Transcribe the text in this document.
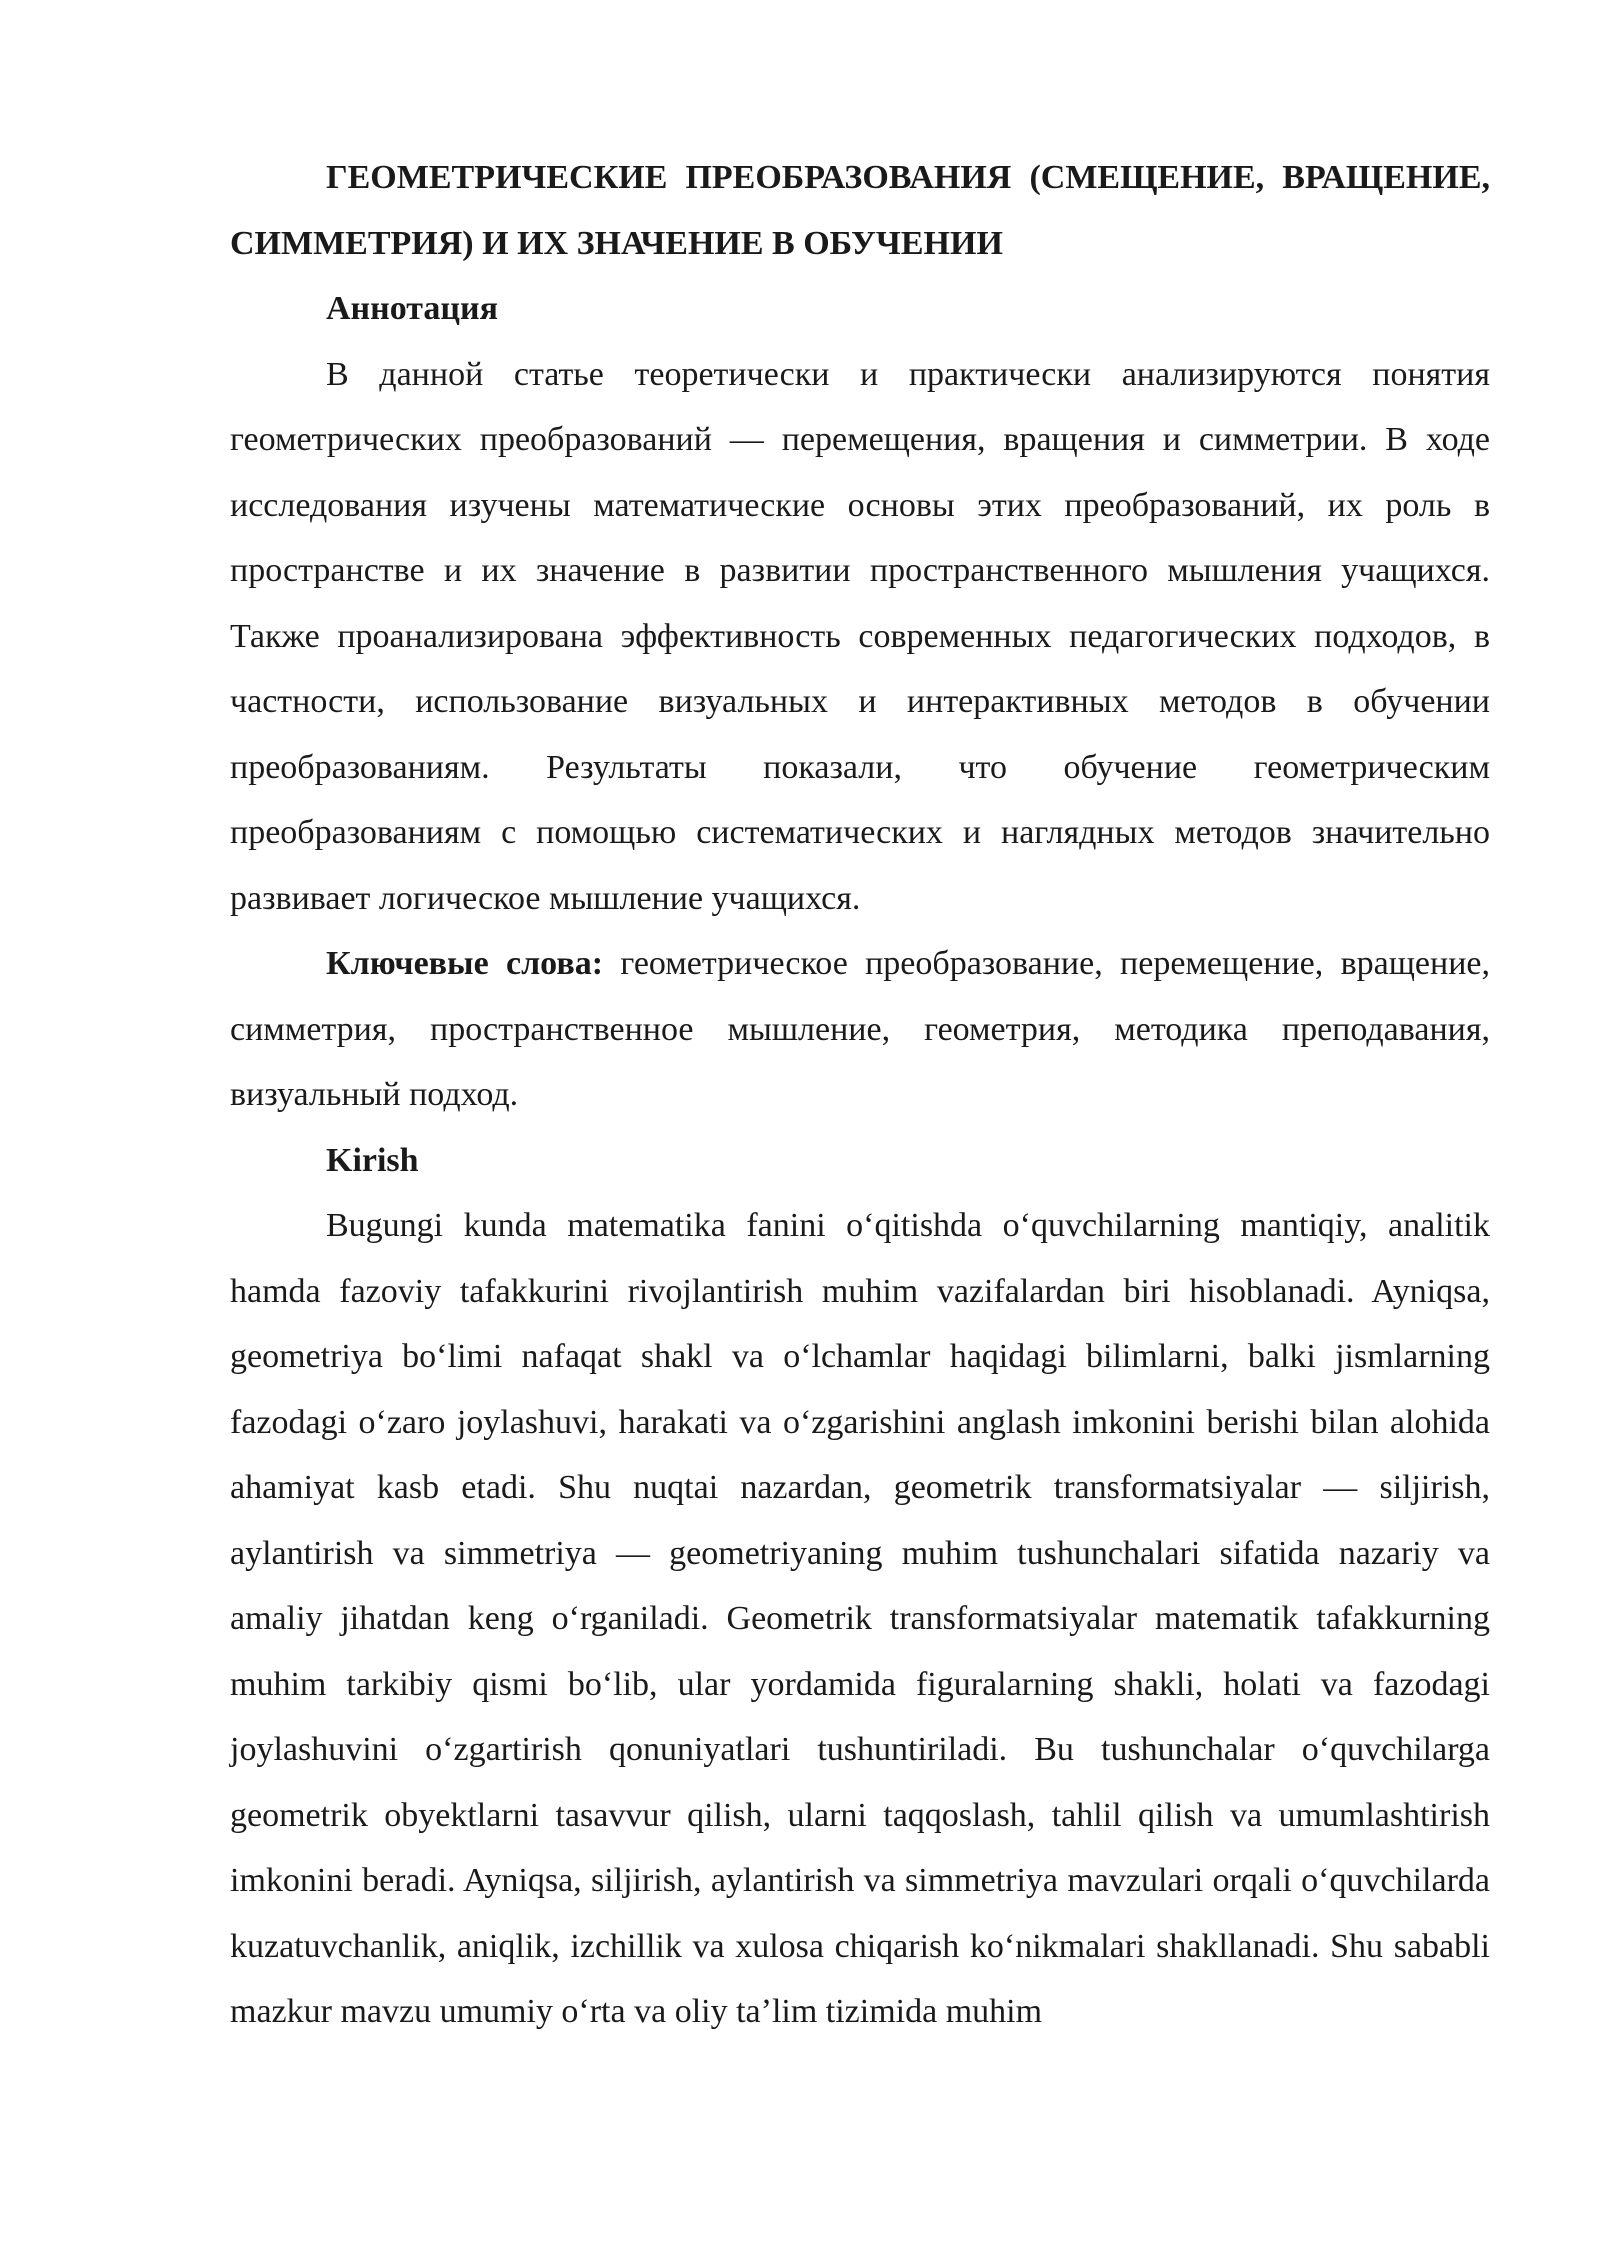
ГЕОМЕТРИЧЕСКИЕ ПРЕОБРАЗОВАНИЯ (СМЕЩЕНИЕ, ВРАЩЕНИЕ, СИММЕТРИЯ) И ИХ ЗНАЧЕНИЕ В ОБУЧЕНИИ

Аннотация

В данной статье теоретически и практически анализируются понятия геометрических преобразований — перемещения, вращения и симметрии. В ходе исследования изучены математические основы этих преобразований, их роль в пространстве и их значение в развитии пространственного мышления учащихся. Также проанализирована эффективность современных педагогических подходов, в частности, использование визуальных и интерактивных методов в обучении преобразованиям. Результаты показали, что обучение геометрическим преобразованиям с помощью систематических и наглядных методов значительно развивает логическое мышление учащихся.

Ключевые слова: геометрическое преобразование, перемещение, вращение, симметрия, пространственное мышление, геометрия, методика преподавания, визуальный подход.

Kirish

Bugungi kunda matematika fanini oʻqitishda oʻquvchilarning mantiqiy, analitik hamda fazoviy tafakkurini rivojlantirish muhim vazifalardan biri hisoblanadi. Ayniqsa, geometriya boʻlimi nafaqat shakl va oʻlchamlar haqidagi bilimlarni, balki jismlarning fazodagi oʻzaro joylashuvi, harakati va oʻzgarishini anglash imkonini berishi bilan alohida ahamiyat kasb etadi. Shu nuqtai nazardan, geometrik transformatsiyalar — siljirish, aylantirish va simmetriya — geometriyaning muhim tushunchalari sifatida nazariy va amaliy jihatdan keng oʻrganiladi. Geometrik transformatsiyalar matematik tafakkurning muhim tarkibiy qismi boʻlib, ular yordamida figuralarning shakli, holati va fazodagi joylashuvini oʻzgartirish qonuniyatlari tushuntiriladi. Bu tushunchalar oʻquvchilarga geometrik obyektlarni tasavvur qilish, ularni taqqoslash, tahlil qilish va umumlashtirish imkonini beradi. Ayniqsa, siljirish, aylantirish va simmetriya mavzulari orqali oʻquvchilarda kuzatuvchanlik, aniqlik, izchillik va xulosa chiqarish koʻnikmalari shakllanadi. Shu sababli mazkur mavzu umumiy oʻrta va oliy taʼlim tizimida muhim
